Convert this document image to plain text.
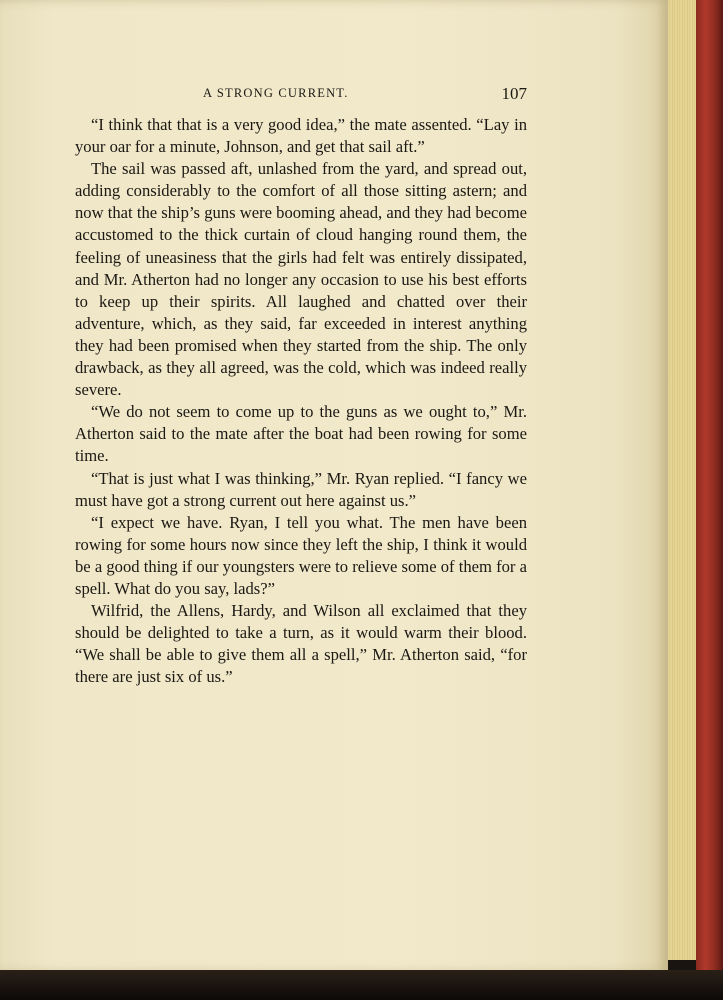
A STRONG CURRENT.	107

“I think that that is a very good idea,” the mate assented. “Lay in your oar for a minute, Johnson, and get that sail aft.”

The sail was passed aft, unlashed from the yard, and spread out, adding considerably to the comfort of all those sitting astern; and now that the ship’s guns were booming ahead, and they had become accustomed to the thick curtain of cloud hanging round them, the feeling of uneasiness that the girls had felt was entirely dissipated, and Mr. Atherton had no longer any occasion to use his best efforts to keep up their spirits. All laughed and chatted over their adventure, which, as they said, far exceeded in interest anything they had been promised when they started from the ship. The only drawback, as they all agreed, was the cold, which was indeed really severe.

“We do not seem to come up to the guns as we ought to,” Mr. Atherton said to the mate after the boat had been rowing for some time.

“That is just what I was thinking,” Mr. Ryan replied. “I fancy we must have got a strong current out here against us.”

“I expect we have. Ryan, I tell you what. The men have been rowing for some hours now since they left the ship, I think it would be a good thing if our youngsters were to relieve some of them for a spell. What do you say, lads?”

Wilfrid, the Allens, Hardy, and Wilson all exclaimed that they should be delighted to take a turn, as it would warm their blood. “We shall be able to give them all a spell,” Mr. Atherton said, “for there are just six of us.”
